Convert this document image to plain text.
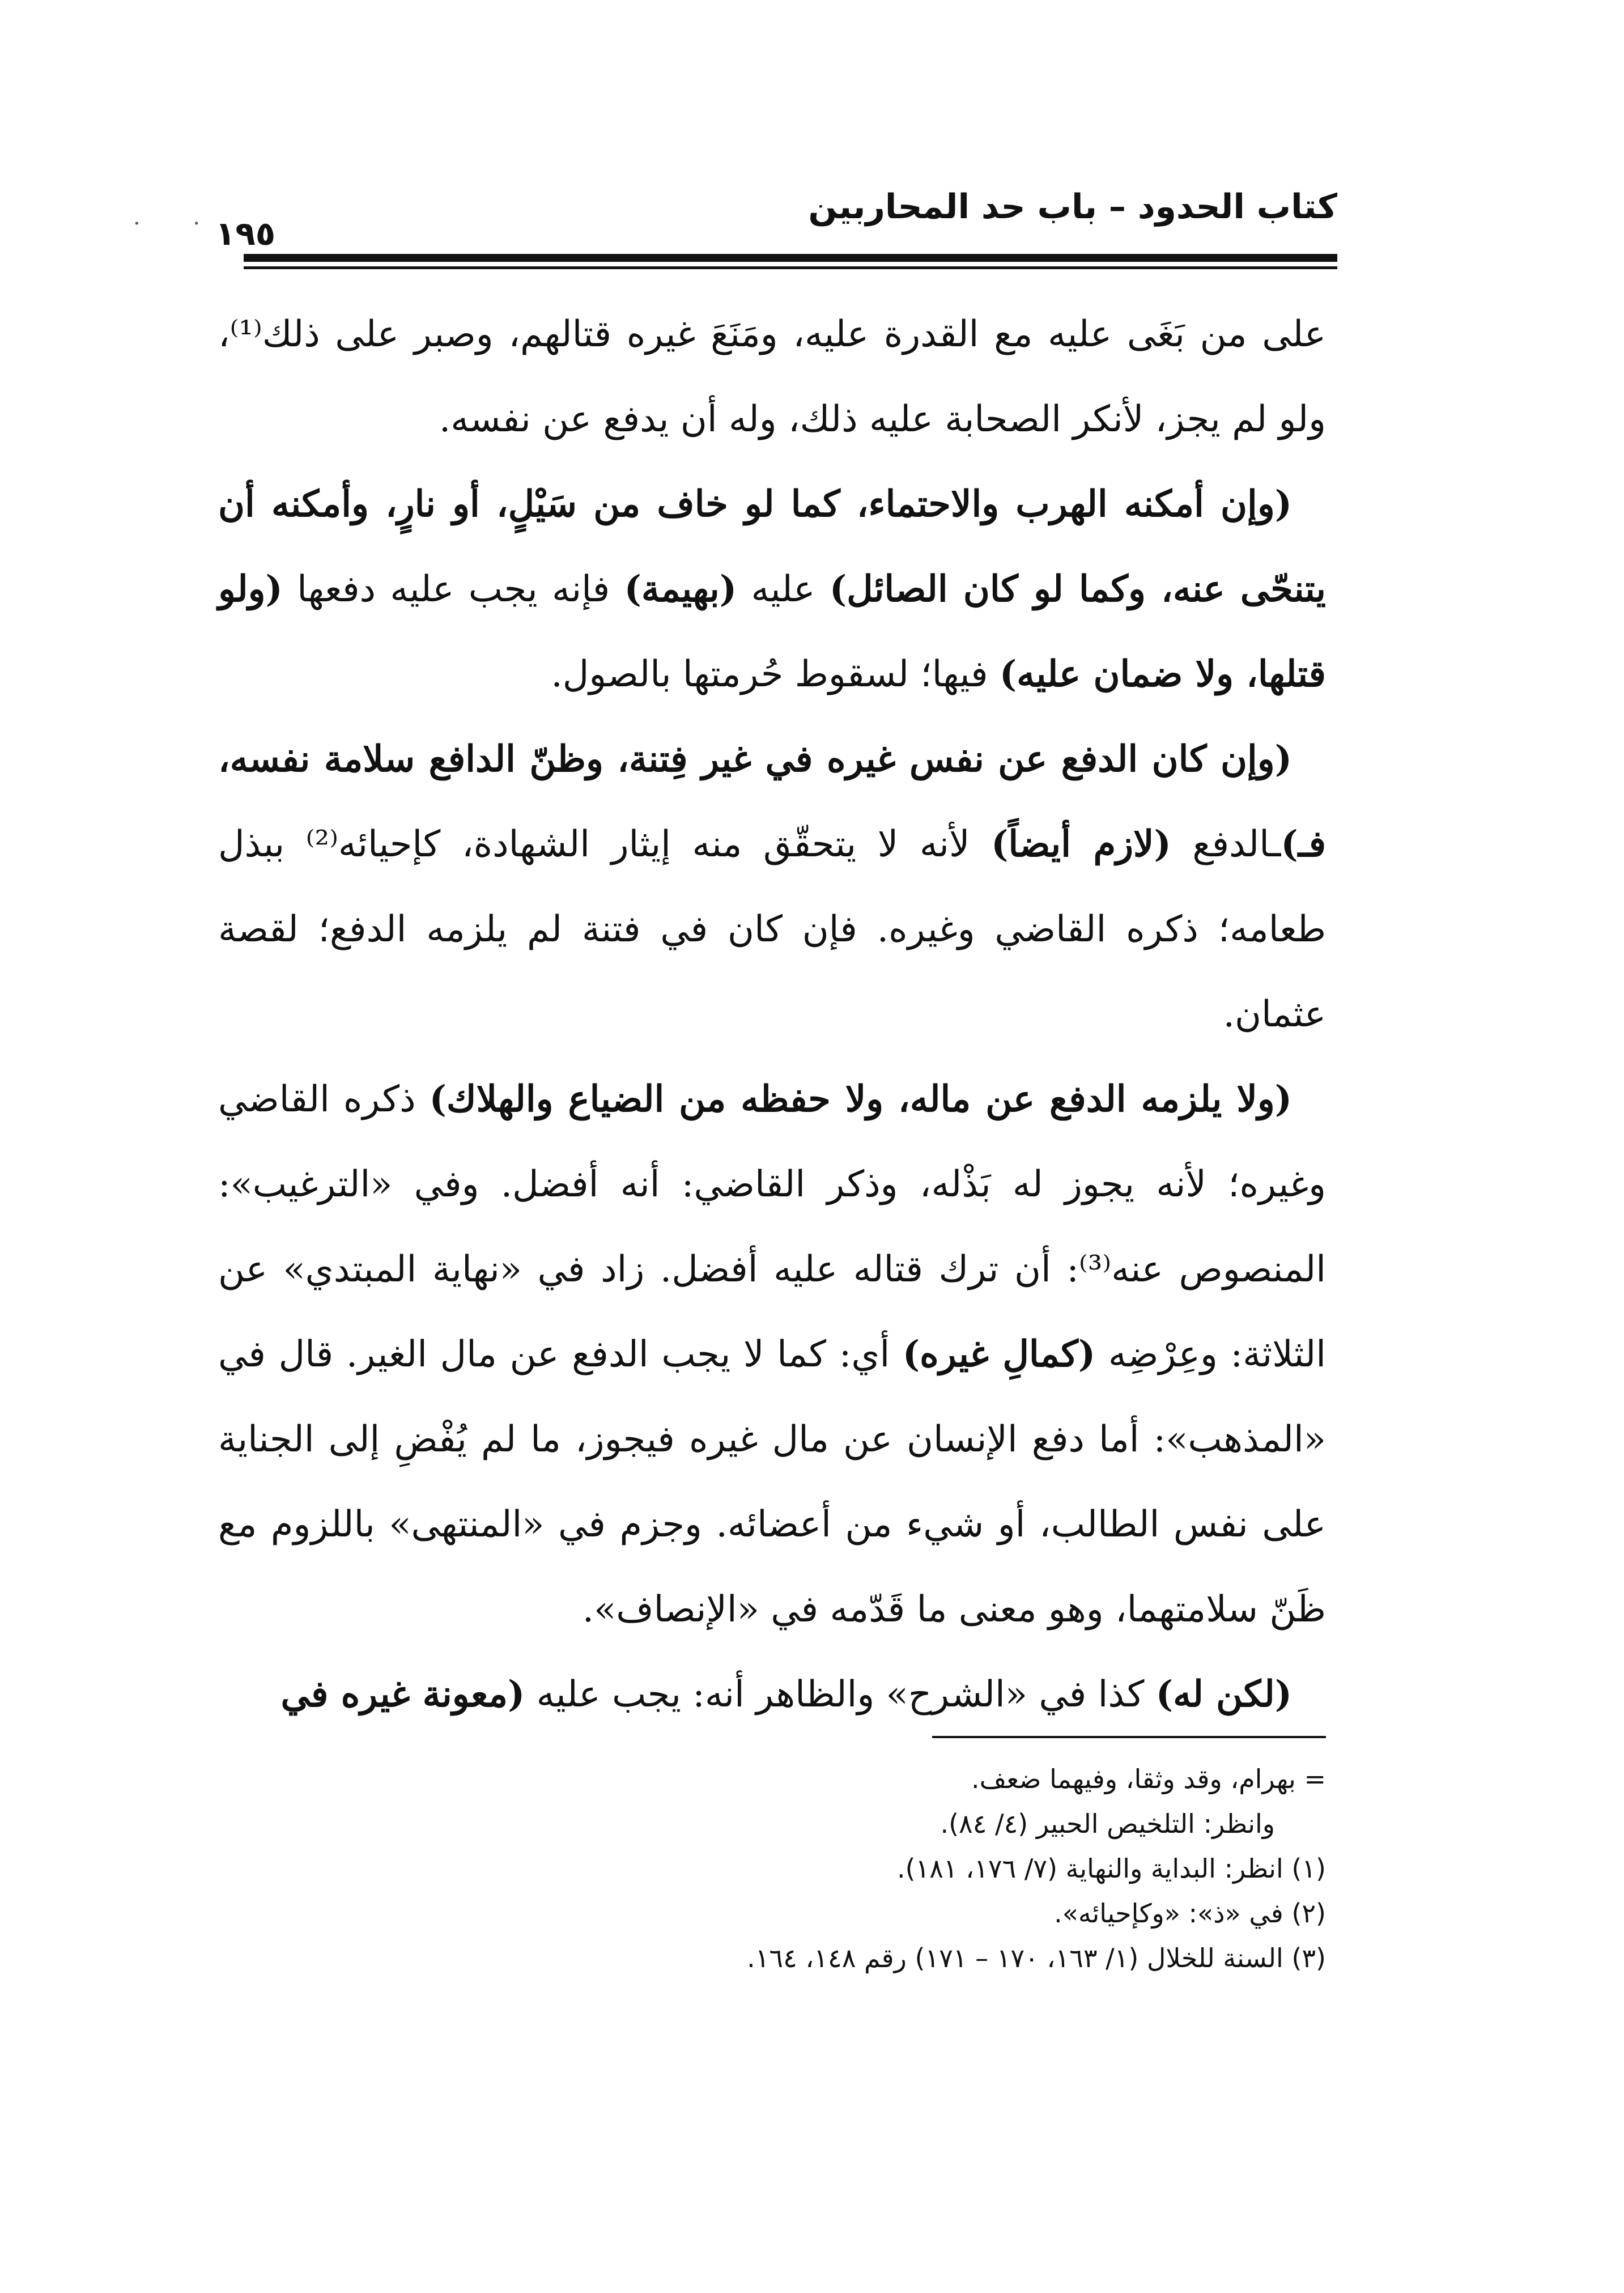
١٩٥
كتاب الحدود – باب حد المحاربين
· ·

على من بَغَى عليه مع القدرة عليه، ومَنَعَ غيره قتالهم، وصبر على ذلك⁽¹⁾، ولو لم يجز، لأنكر الصحابة عليه ذلك، وله أن يدفع عن نفسه.

(وإن أمكنه الهرب والاحتماء، كما لو خاف من سَيْلٍ، أو نارٍ، وأمكنه أن يتنحّى عنه، وكما لو كان الصائل) عليه (بهيمة) فإنه يجب عليه دفعها (ولو قتلها، ولا ضمان عليه) فيها؛ لسقوط حُرمتها بالصول.

(وإن كان الدفع عن نفس غيره في غير فِتنة، وظنّ الدافع سلامة نفسه، فـ)ـالدفع (لازم أيضاً) لأنه لا يتحقّق منه إيثار الشهادة، كإحيائه⁽²⁾ ببذل طعامه؛ ذكره القاضي وغيره. فإن كان في فتنة لم يلزمه الدفع؛ لقصة عثمان.

(ولا يلزمه الدفع عن ماله، ولا حفظه من الضياع والهلاك) ذكره القاضي وغيره؛ لأنه يجوز له بَذْله، وذكر القاضي: أنه أفضل. وفي «الترغيب»: المنصوص عنه⁽³⁾: أن ترك قتاله عليه أفضل. زاد في «نهاية المبتدي» عن الثلاثة: وعِرْضِه (كمالِ غيره) أي: كما لا يجب الدفع عن مال الغير. قال في «المذهب»: أما دفع الإنسان عن مال غيره فيجوز، ما لم يُفْضِ إلى الجناية على نفس الطالب، أو شيء من أعضائه. وجزم في «المنتهى» باللزوم مع ظَنّ سلامتهما، وهو معنى ما قَدّمه في «الإنصاف».

(لكن له) كذا في «الشرح» والظاهر أنه: يجب عليه (معونة غيره في

= بهرام، وقد وثقا، وفيهما ضعف.
وانظر: التلخيص الحبير (٤/ ٨٤).
(١) انظر: البداية والنهاية (٧/ ١٧٦، ١٨١).
(٢) في «ذ»: «وكإحيائه».
(٣) السنة للخلال (١/ ١٦٣، ١٧٠ – ١٧١) رقم ١٤٨، ١٦٤.
